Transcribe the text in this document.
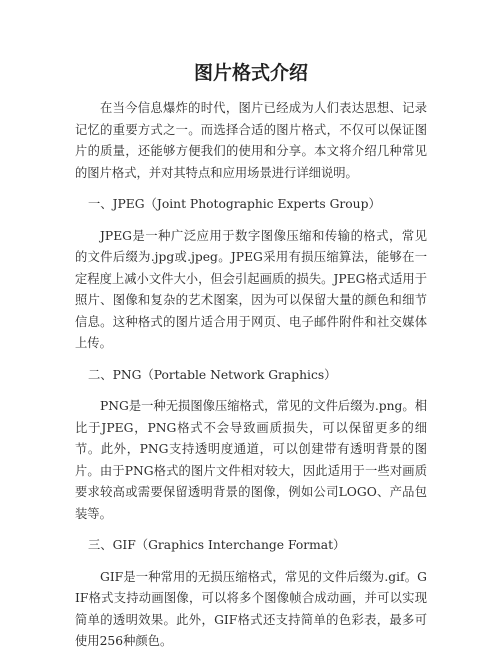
图片格式介绍

在当今信息爆炸的时代，图片已经成为人们表达思想、记录记忆的重要方式之一。而选择合适的图片格式，不仅可以保证图片的质量，还能够方便我们的使用和分享。本文将介绍几种常见的图片格式，并对其特点和应用场景进行详细说明。

一、JPEG（Joint Photographic Experts Group）

JPEG是一种广泛应用于数字图像压缩和传输的格式，常见的文件后缀为.jpg或.jpeg。JPEG采用有损压缩算法，能够在一定程度上减小文件大小，但会引起画质的损失。JPEG格式适用于照片、图像和复杂的艺术图案，因为可以保留大量的颜色和细节信息。这种格式的图片适合用于网页、电子邮件附件和社交媒体上传。

二、PNG（Portable Network Graphics）

PNG是一种无损图像压缩格式，常见的文件后缀为.png。相比于JPEG，PNG格式不会导致画质损失，可以保留更多的细节。此外，PNG支持透明度通道，可以创建带有透明背景的图片。由于PNG格式的图片文件相对较大，因此适用于一些对画质要求较高或需要保留透明背景的图像，例如公司LOGO、产品包装等。

三、GIF（Graphics Interchange Format）

GIF是一种常用的无损压缩格式，常见的文件后缀为.gif。GIF格式支持动画图像，可以将多个图像帧合成动画，并可以实现简单的透明效果。此外，GIF格式还支持简单的色彩表，最多可使用256种颜色。
